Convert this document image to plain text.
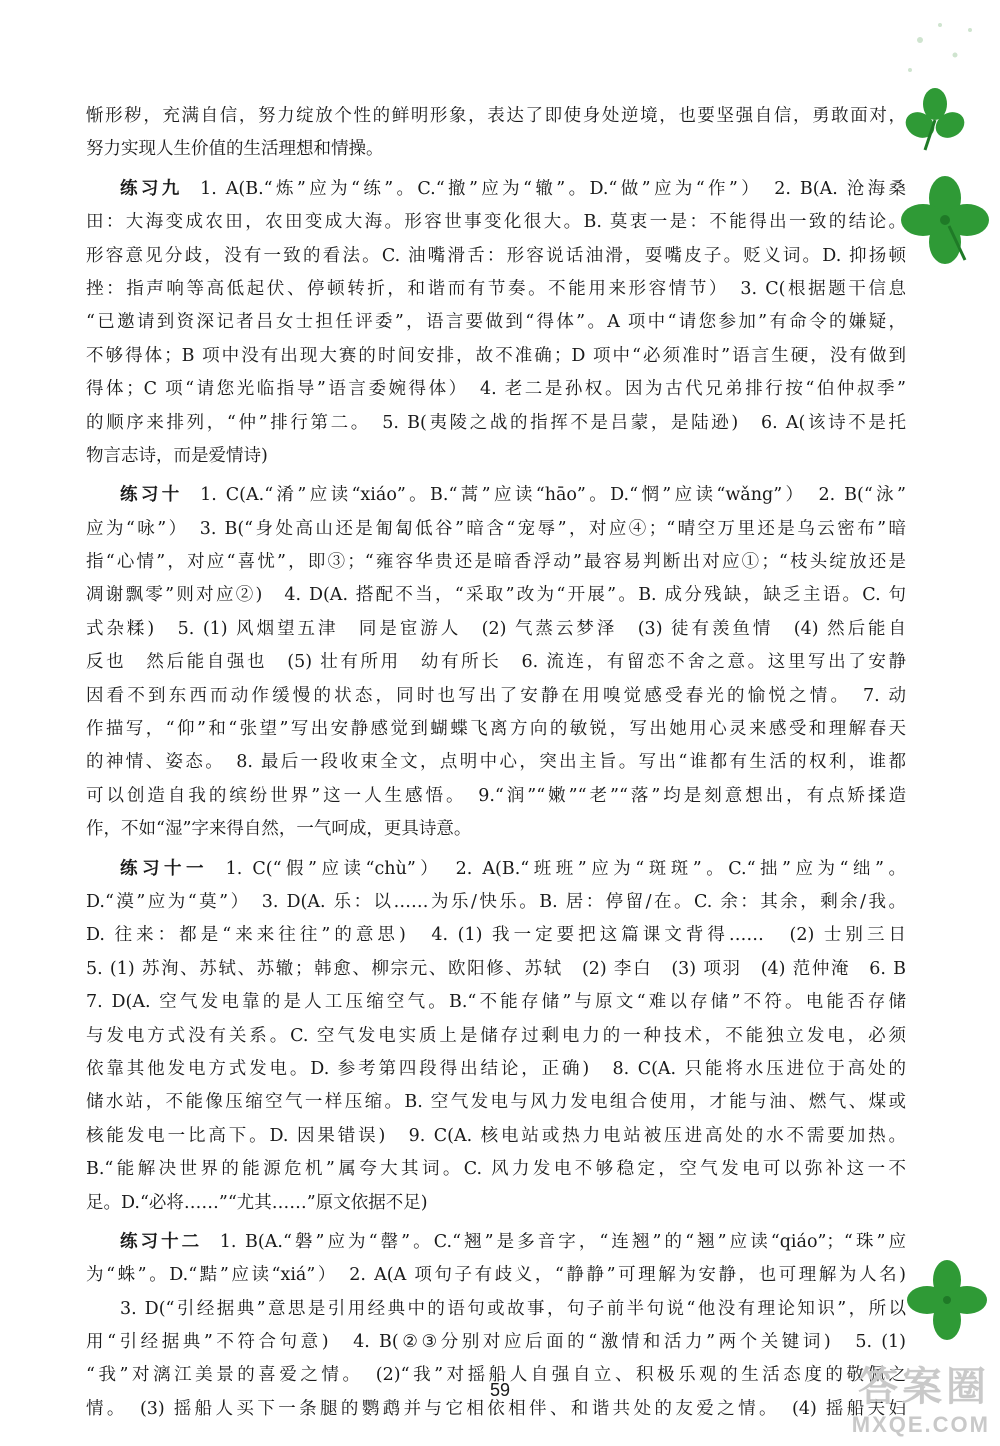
惭形秽，充满自信，努力绽放个性的鲜明形象，表达了即使身处逆境，也要坚强自信，勇敢面对，
努力实现人生价值的生活理想和情操。
练习九  1. A(B.“炼”应为“练”。C.“撤”应为“辙”。D.“做”应为“作”）　2. B(A. 沧海桑
田：大海变成农田，农田变成大海。形容世事变化很大。B. 莫衷一是：不能得出一致的结论。
形容意见分歧，没有一致的看法。C. 油嘴滑舌：形容说话油滑，耍嘴皮子。贬义词。D. 抑扬顿
挫：指声响等高低起伏、停顿转折，和谐而有节奏。不能用来形容情节）　3. C(根据题干信息
“已邀请到资深记者吕女士担任评委”，语言要做到“得体”。A 项中“请您参加”有命令的嫌疑，
不够得体；B 项中没有出现大赛的时间安排，故不准确；D 项中“必须准时”语言生硬，没有做到
得体；C 项“请您光临指导”语言委婉得体）　4. 老二是孙权。因为古代兄弟排行按“伯仲叔季”
的顺序来排列，“仲”排行第二。　5. B(夷陵之战的指挥不是吕蒙，是陆逊)　6. A(该诗不是托
物言志诗，而是爱情诗)
练习十  1. C(A.“淆”应读“xiáo”。B.“蒿”应读“hāo”。D.“惘”应读“wǎng”）　2. B(“泳”
应为“咏”）　3. B(“身处高山还是匍匐低谷”暗含“宠辱”，对应④；“晴空万里还是乌云密布”暗
指“心情”，对应“喜忧”，即③；“雍容华贵还是暗香浮动”最容易判断出对应①；“枝头绽放还是
凋谢飘零”则对应②)　4. D(A. 搭配不当，“采取”改为“开展”。B. 成分残缺，缺乏主语。C. 句
式杂糅)　5. (1) 风烟望五津　同是宦游人　(2) 气蒸云梦泽　(3) 徒有羡鱼情　(4) 然后能自
反也　然后能自强也　(5) 壮有所用　幼有所长　6. 流连，有留恋不舍之意。这里写出了安静
因看不到东西而动作缓慢的状态，同时也写出了安静在用嗅觉感受春光的愉悦之情。　7. 动
作描写，“仰”和“张望”写出安静感觉到蝴蝶飞离方向的敏锐，写出她用心灵来感受和理解春天
的神情、姿态。　8. 最后一段收束全文，点明中心，突出主旨。写出“谁都有生活的权利，谁都
可以创造自我的缤纷世界”这一人生感悟。　9.“润”“嫩”“老”“落”均是刻意想出，有点矫揉造
作，不如“湿”字来得自然，一气呵成，更具诗意。
练习十一  1. C(“假”应读“chù”）　2. A(B.“班班”应为“斑斑”。C.“拙”应为“绌”。
D.“漠”应为“莫”）　3. D(A. 乐：以……为乐/快乐。B. 居：停留/在。C. 余：其余，剩余/我。
D. 往来：都是“来来往往”的意思)　4. (1) 我一定要把这篇课文背得……　(2) 士别三日
5. (1) 苏洵、苏轼、苏辙；韩愈、柳宗元、欧阳修、苏轼　(2) 李白　(3) 项羽　(4) 范仲淹　6. B
7. D(A. 空气发电靠的是人工压缩空气。B.“不能存储”与原文“难以存储”不符。电能否存储
与发电方式没有关系。C. 空气发电实质上是储存过剩电力的一种技术，不能独立发电，必须
依靠其他发电方式发电。D. 参考第四段得出结论，正确)　8. C(A. 只能将水压进位于高处的
储水站，不能像压缩空气一样压缩。B. 空气发电与风力发电组合使用，才能与油、燃气、煤或
核能发电一比高下。D. 因果错误)　9. C(A. 核电站或热力电站被压进高处的水不需要加热。
B.“能解决世界的能源危机”属夸大其词。C. 风力发电不够稳定，空气发电可以弥补这一不
足。D.“必将……”“尤其……”原文依据不足)
练习十二  1. B(A.“磐”应为“罄”。C.“翘”是多音字，“连翘”的“翘”应读“qiáo”；“珠”应
为“蛛”。D.“黠”应读“xiá”）　2. A(A 项句子有歧义，“静静”可理解为安静，也可理解为人名)
3. D(“引经据典”意思是引用经典中的语句或故事，句子前半句说“他没有理论知识”，所以
用“引经据典”不符合句意)　4. B(②③分别对应后面的“激情和活力”两个关键词)　5. (1)
“我”对漓江美景的喜爱之情。　(2)“我”对摇船人自强自立、积极乐观的生活态度的敬佩之
情。　(3) 摇船人买下一条腿的鹦鹉并与它相依相伴、和谐共处的友爱之情。　(4) 摇船夫妇
59	答案圈
MXQE.COM
